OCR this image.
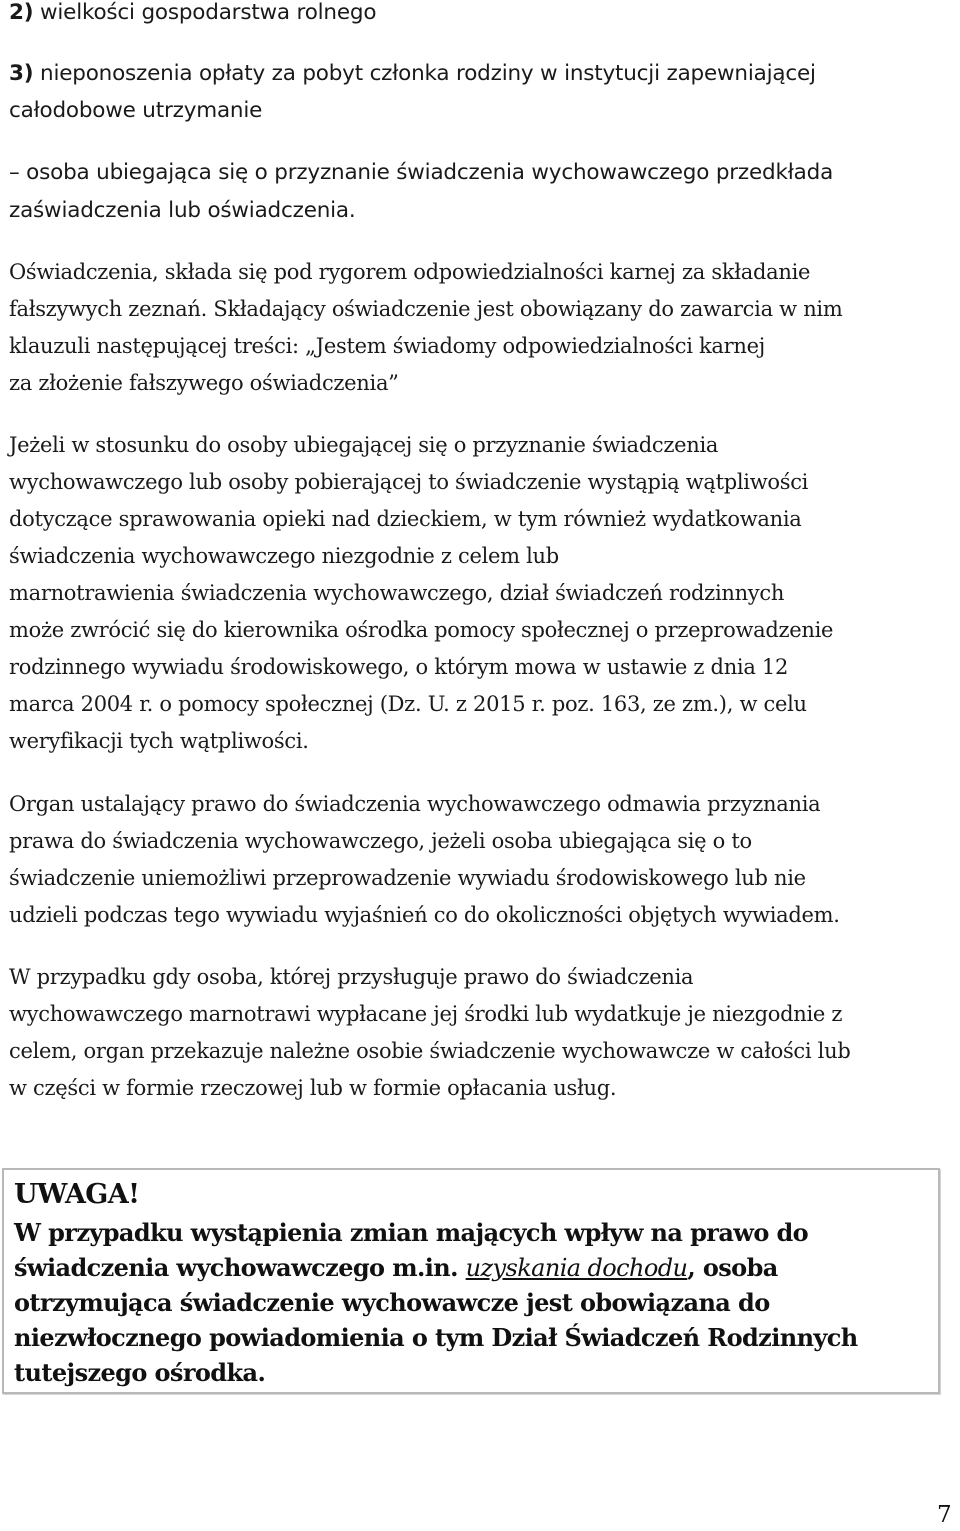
2) wielkości gospodarstwa rolnego

3) nieponoszenia opłaty za pobyt członka rodziny w instytucji zapewniającej

całodobowe utrzymanie

– osoba ubiegająca się o przyznanie świadczenia wychowawczego przedkłada

zaświadczenia lub oświadczenia.

Oświadczenia, składa się pod rygorem odpowiedzialności karnej za składanie

fałszywych zeznań. Składający oświadczenie jest obowiązany do zawarcia w nim

klauzuli następującej treści: „Jestem świadomy odpowiedzialności karnej

za złożenie fałszywego oświadczenia”

Jeżeli w stosunku do osoby ubiegającej się o przyznanie świadczenia

wychowawczego lub osoby pobierającej to świadczenie wystąpią wątpliwości

dotyczące sprawowania opieki nad dzieckiem, w tym również wydatkowania

świadczenia wychowawczego niezgodnie z celem lub

marnotrawienia świadczenia wychowawczego, dział świadczeń rodzinnych

może zwrócić się do kierownika ośrodka pomocy społecznej o przeprowadzenie

rodzinnego wywiadu środowiskowego, o którym mowa w ustawie z dnia 12

marca 2004 r. o pomocy społecznej (Dz. U. z 2015 r. poz. 163, ze zm.), w celu

weryfikacji tych wątpliwości.

Organ ustalający prawo do świadczenia wychowawczego odmawia przyznania

prawa do świadczenia wychowawczego, jeżeli osoba ubiegająca się o to

świadczenie uniemożliwi przeprowadzenie wywiadu środowiskowego lub nie

udzieli podczas tego wywiadu wyjaśnień co do okoliczności objętych wywiadem.

W przypadku gdy osoba, której przysługuje prawo do świadczenia

wychowawczego marnotrawi wypłacane jej środki lub wydatkuje je niezgodnie z

celem, organ przekazuje należne osobie świadczenie wychowawcze w całości lub

w części w formie rzeczowej lub w formie opłacania usług.

UWAGA!

W przypadku wystąpienia zmian mających wpływ na prawo do

świadczenia wychowawczego m.in. uzyskania dochodu, osoba

otrzymująca świadczenie wychowawcze jest obowiązana do

niezwłocznego powiadomienia o tym Dział Świadczeń Rodzinnych

tutejszego ośrodka.

7
